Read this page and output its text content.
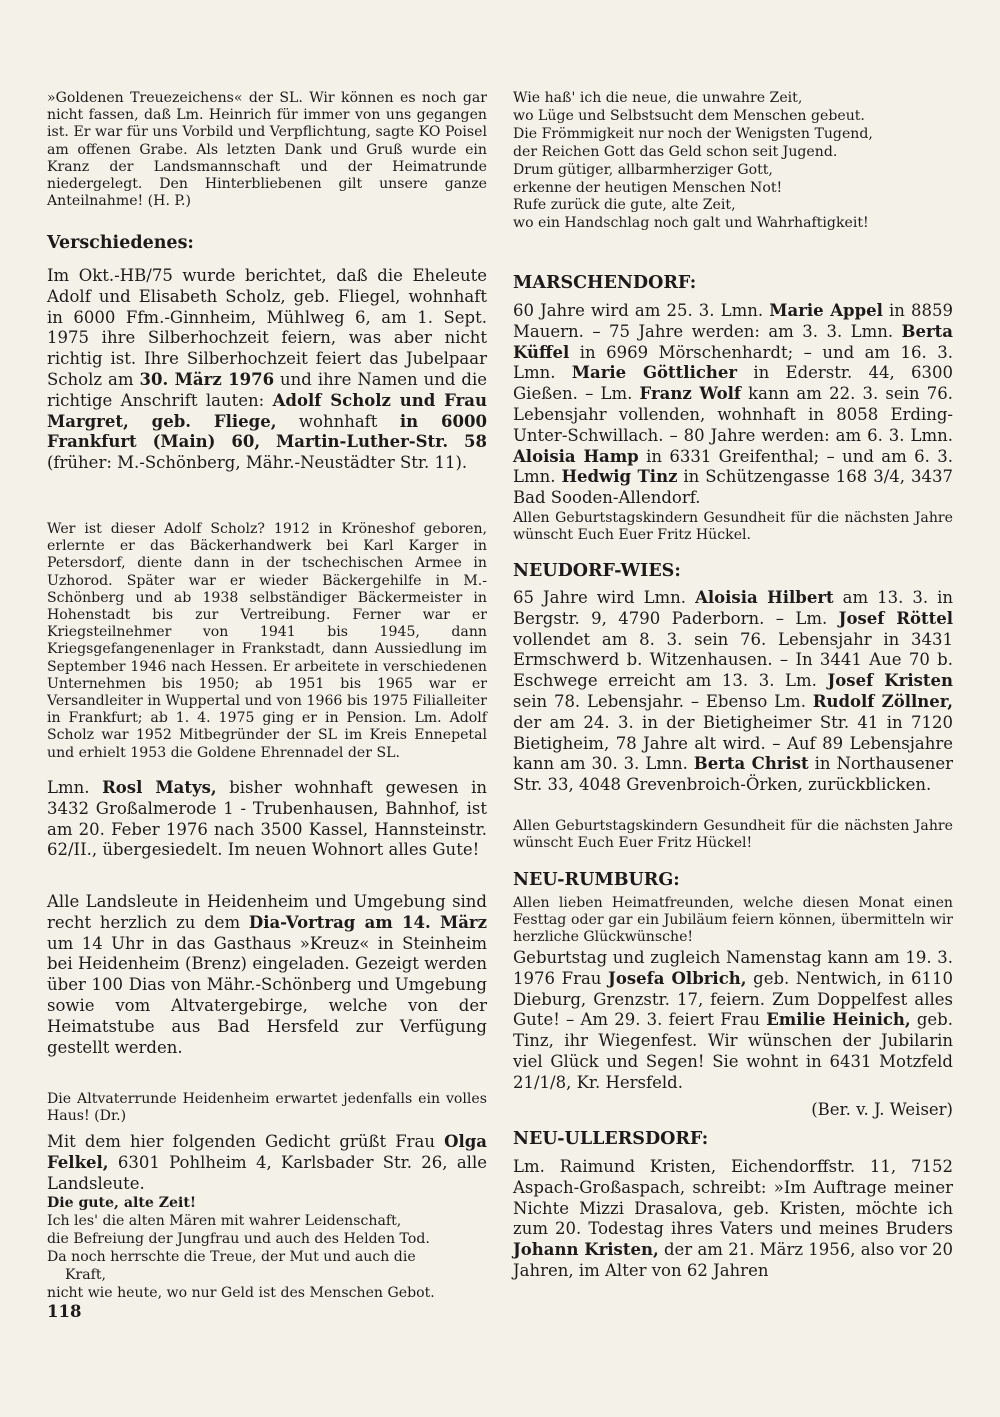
»Goldenen Treuezeichens« der SL. Wir können es noch gar nicht fassen, daß Lm. Heinrich für immer von uns gegangen ist. Er war für uns Vorbild und Verpflichtung, sagte KO Poisel am offenen Grabe. Als letzten Dank und Gruß wurde ein Kranz der Landsmannschaft und der Heimatrunde niedergelegt. Den Hinterbliebenen gilt unsere ganze Anteilnahme! (H. P.)

Verschiedenes:

Im Okt.-HB/75 wurde berichtet, daß die Eheleute Adolf und Elisabeth Scholz, geb. Fliegel, wohnhaft in 6000 Ffm.-Ginnheim, Mühlweg 6, am 1. Sept. 1975 ihre Silberhochzeit feiern, was aber nicht richtig ist. Ihre Silberhochzeit feiert das Jubelpaar Scholz am 30. März 1976 und ihre Namen und die richtige Anschrift lauten: Adolf Scholz und Frau Margret, geb. Fliege, wohnhaft in 6000 Frankfurt (Main) 60, Martin-Luther-Str. 58 (früher: M.-Schönberg, Mähr.-Neustädter Str. 11).

Wer ist dieser Adolf Scholz? 1912 in Kröneshof geboren, erlernte er das Bäckerhandwerk bei Karl Karger in Petersdorf, diente dann in der tschechischen Armee in Uzhorod. Später war er wieder Bäckergehilfe in M.-Schönberg und ab 1938 selbständiger Bäckermeister in Hohenstadt bis zur Vertreibung. Ferner war er Kriegsteilnehmer von 1941 bis 1945, dann Kriegsgefangenenlager in Frankstadt, dann Aussiedlung im September 1946 nach Hessen. Er arbeitete in verschiedenen Unternehmen bis 1950; ab 1951 bis 1965 war er Versandleiter in Wuppertal und von 1966 bis 1975 Filialleiter in Frankfurt; ab 1. 4. 1975 ging er in Pension. Lm. Adolf Scholz war 1952 Mitbegründer der SL im Kreis Ennepetal und erhielt 1953 die Goldene Ehrennadel der SL.

Lmn. Rosl Matys, bisher wohnhaft gewesen in 3432 Großalmerode 1 - Trubenhausen, Bahnhof, ist am 20. Feber 1976 nach 3500 Kassel, Hannsteinstr. 62/II., übergesiedelt. Im neuen Wohnort alles Gute!

Alle Landsleute in Heidenheim und Umgebung sind recht herzlich zu dem Dia-Vortrag am 14. März um 14 Uhr in das Gasthaus »Kreuz« in Steinheim bei Heidenheim (Brenz) eingeladen. Gezeigt werden über 100 Dias von Mähr.-Schönberg und Umgebung sowie vom Altvatergebirge, welche von der Heimatstube aus Bad Hersfeld zur Verfügung gestellt werden.

Die Altvaterrunde Heidenheim erwartet jedenfalls ein volles Haus! (Dr.)

Mit dem hier folgenden Gedicht grüßt Frau Olga Felkel, 6301 Pohlheim 4, Karlsbader Str. 26, alle Landsleute.

Die gute, alte Zeit!
Ich les' die alten Mären mit wahrer Leidenschaft,
die Befreiung der Jungfrau und auch des Helden Tod.
Da noch herrschte die Treue, der Mut und auch die
Kraft,
nicht wie heute, wo nur Geld ist des Menschen Gebot.
Wie haß' ich die neue, die unwahre Zeit,
wo Lüge und Selbstsucht dem Menschen gebeut.
Die Frömmigkeit nur noch der Wenigsten Tugend,
der Reichen Gott das Geld schon seit Jugend.
Drum gütiger, allbarmherziger Gott,
erkenne der heutigen Menschen Not!
Rufe zurück die gute, alte Zeit,
wo ein Handschlag noch galt und Wahrhaftigkeit!
MARSCHENDORF:

60 Jahre wird am 25. 3. Lmn. Marie Appel in 8859 Mauern. – 75 Jahre werden: am 3. 3. Lmn. Berta Küffel in 6969 Mörschenhardt; – und am 16. 3. Lmn. Marie Göttlicher in Ederstr. 44, 6300 Gießen. – Lm. Franz Wolf kann am 22. 3. sein 76. Lebensjahr vollenden, wohnhaft in 8058 Erding-Unter-Schwillach. – 80 Jahre werden: am 6. 3. Lmn. Aloisia Hamp in 6331 Greifenthal; – und am 6. 3. Lmn. Hedwig Tinz in Schützengasse 168 3/4, 3437 Bad Sooden-Allendorf.

Allen Geburtstagskindern Gesundheit für die nächsten Jahre wünscht Euch Euer Fritz Hückel.

NEUDORF-WIES:

65 Jahre wird Lmn. Aloisia Hilbert am 13. 3. in Bergstr. 9, 4790 Paderborn. – Lm. Josef Röttel vollendet am 8. 3. sein 76. Lebensjahr in 3431 Ermschwerd b. Witzenhausen. – In 3441 Aue 70 b. Eschwege erreicht am 13. 3. Lm. Josef Kristen sein 78. Lebensjahr. – Ebenso Lm. Rudolf Zöllner, der am 24. 3. in der Bietigheimer Str. 41 in 7120 Bietigheim, 78 Jahre alt wird. – Auf 89 Lebensjahre kann am 30. 3. Lmn. Berta Christ in Northausener Str. 33, 4048 Grevenbroich-Örken, zurückblicken.

Allen Geburtstagskindern Gesundheit für die nächsten Jahre wünscht Euch Euer Fritz Hückel!

NEU-RUMBURG:

Allen lieben Heimatfreunden, welche diesen Monat einen Festtag oder gar ein Jubiläum feiern können, übermitteln wir herzliche Glückwünsche!

Geburtstag und zugleich Namenstag kann am 19. 3. 1976 Frau Josefa Olbrich, geb. Nentwich, in 6110 Dieburg, Grenzstr. 17, feiern. Zum Doppelfest alles Gute! – Am 29. 3. feiert Frau Emilie Heinich, geb. Tinz, ihr Wiegenfest. Wir wünschen der Jubilarin viel Glück und Segen! Sie wohnt in 6431 Motzfeld 21/1/8, Kr. Hersfeld.

(Ber. v. J. Weiser)

NEU-ULLERSDORF:

Lm. Raimund Kristen, Eichendorffstr. 11, 7152 Aspach-Großaspach, schreibt: »Im Auftrage meiner Nichte Mizzi Drasalova, geb. Kristen, möchte ich zum 20. Todestag ihres Vaters und meines Bruders Johann Kristen, der am 21. März 1956, also vor 20 Jahren, im Alter von 62 Jahren

118
